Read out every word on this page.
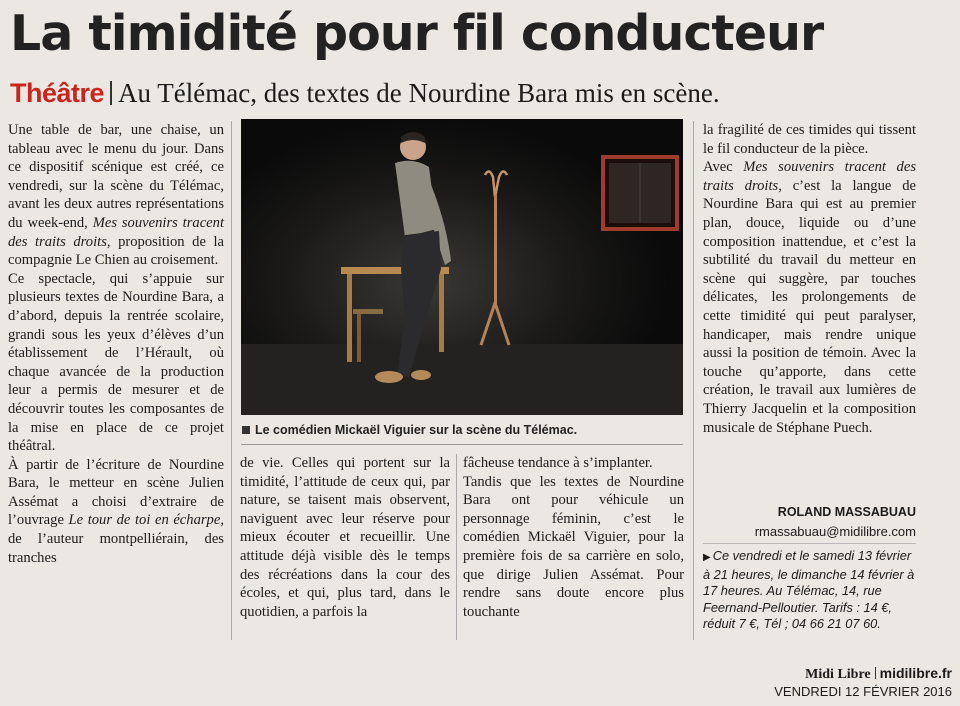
La timidité pour fil conducteur
Théâtre Au Télémac, des textes de Nourdine Bara mis en scène.

Une table de bar, une chaise, un tableau avec le menu du jour. Dans ce dispositif scénique est créé, ce vendredi, sur la scène du Télémac, avant les deux autres représentations du week-end, Mes souvenirs tracent des traits droits, proposition de la compagnie Le Chien au croisement.

Ce spectacle, qui s’appuie sur plusieurs textes de Nourdine Bara, a d’abord, depuis la rentrée scolaire, grandi sous les yeux d’élèves d’un établissement de l’Hérault, où chaque avancée de la production leur a permis de mesurer et de découvrir toutes les composantes de la mise en place de ce projet théâtral.

À partir de l’écriture de Nourdine Bara, le metteur en scène Julien Assémat a choisi d’extraire de l’ouvrage Le tour de toi en écharpe, de l’auteur montpelliérain, des tranches

Le comédien Mickaël Viguier sur la scène du Télémac.

de vie. Celles qui portent sur la timidité, l’attitude de ceux qui, par nature, se taisent mais observent, naviguent avec leur réserve pour mieux écouter et recueillir. Une attitude déjà visible dès le temps des récréations dans la cour des écoles, et qui, plus tard, dans le quotidien, a parfois la

fâcheuse tendance à s’implanter.

Tandis que les textes de Nourdine Bara ont pour véhicule un personnage féminin, c’est le comédien Mickaël Viguier, pour la première fois de sa carrière en solo, que dirige Julien Assémat. Pour rendre sans doute encore plus touchante

la fragilité de ces timides qui tissent le fil conducteur de la pièce.

Avec Mes souvenirs tracent des traits droits, c’est la langue de Nourdine Bara qui est au premier plan, douce, liquide ou d’une composition inattendue, et c’est la subtilité du travail du metteur en scène qui suggère, par touches délicates, les prolongements de cette timidité qui peut paralyser, handicaper, mais rendre unique aussi la position de témoin. Avec la touche qu’apporte, dans cette création, le travail aux lumières de Thierry Jacquelin et la composition musicale de Stéphane Puech.

ROLAND MASSABUAU
rmassabuau@midilibre.com
▶ Ce vendredi et le samedi 13 février à 21 heures, le dimanche 14 février à 17 heures. Au Télémac, 14, rue Feernand-Pelloutier. Tarifs : 14 €, réduit 7 €, Tél ; 04 66 21 07 60.
Midi Libre midilibre.fr
VENDREDI 12 FÉVRIER 2016
